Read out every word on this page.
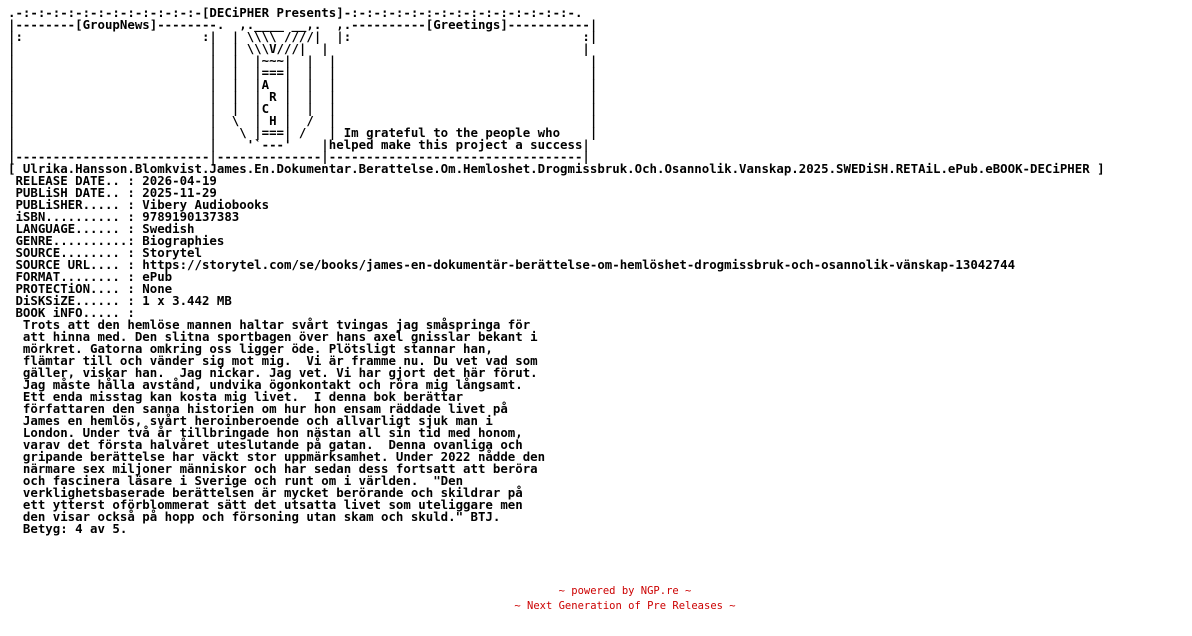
.-:-:-:-:-:-:-:-:-:-:-:-:-[DECiPHER Presents]-:-:-:-:-:-:-:-:-:-:-:-:-:-:-:-.
|--------[GroupNews]--------.  ,.____ __,.  ,.----------[Greetings]-----------|
|:                        :|  | \\\\ ////|  |:                               :|
|                          |  | \\\V///|  |                                  |
|                          |  |  |~~~|  |  |                                  |
|                          |  |  |===|  |  |                                  |
|                          |  |  |A  |  |  |                                  |
|                          |  |  | R |  |  |                                  |
|                          |  |  |C  |  |  |                                  |
|                          |  \  | H |  /  |                                  |
|                          |   \ |===| /   | Im grateful to the people who    |
|                          |    '`---'    |helped make this project a success|
|--------------------------|--------------|----------------------------------|
[ Ulrika.Hansson.Blomkvist.James.En.Dokumentar.Berattelse.Om.Hemloshet.Drogmissbruk.Och.Osannolik.Vanskap.2025.SWEDiSH.RETAiL.ePub.eBOOK-DECiPHER ]
RELEASE DATE.. : 2026-04-19
PUBLiSH DATE.. : 2025-11-29
PUBLiSHER..... : Vibery Audiobooks
iSBN.......... : 9789190137383
LANGUAGE...... : Swedish
GENRE..........: Biographies
SOURCE........ : Storytel
SOURCE URL.... : https://storytel.com/se/books/james-en-dokumentär-berättelse-om-hemlöshet-drogmissbruk-och-osannolik-vänskap-13042744
FORMAT........ : ePub
PROTECTiON.... : None
DiSKSiZE...... : 1 x 3.442 MB
BOOK iNFO..... :
Trots att den hemlöse mannen haltar svårt tvingas jag småspringa för
att hinna med. Den slitna sportbagen över hans axel gnisslar bekant i
mörkret. Gatorna omkring oss ligger öde. Plötsligt stannar han,
flämtar till och vänder sig mot mig.  Vi är framme nu. Du vet vad som
gäller, viskar han.  Jag nickar. Jag vet. Vi har gjort det här förut.
Jag måste hålla avstånd, undvika ögonkontakt och röra mig långsamt.
Ett enda misstag kan kosta mig livet.  I denna bok berättar
författaren den sanna historien om hur hon ensam räddade livet på
James en hemlös, svårt heroinberoende och allvarligt sjuk man i
London. Under två år tillbringade hon nästan all sin tid med honom,
varav det första halvåret uteslutande på gatan.  Denna ovanliga och
gripande berättelse har väckt stor uppmärksamhet. Under 2022 nådde den
närmare sex miljoner människor och har sedan dess fortsatt att beröra
och fascinera läsare i Sverige och runt om i världen.  "Den
verklighetsbaserade berättelsen är mycket berörande och skildrar på
ett ytterst oförblommerat sätt det utsatta livet som uteliggare men
den visar också på hopp och försoning utan skam och skuld." BTJ.
Betyg: 4 av 5.
~ powered by NGP.re ~
~ Next Generation of Pre Releases ~
